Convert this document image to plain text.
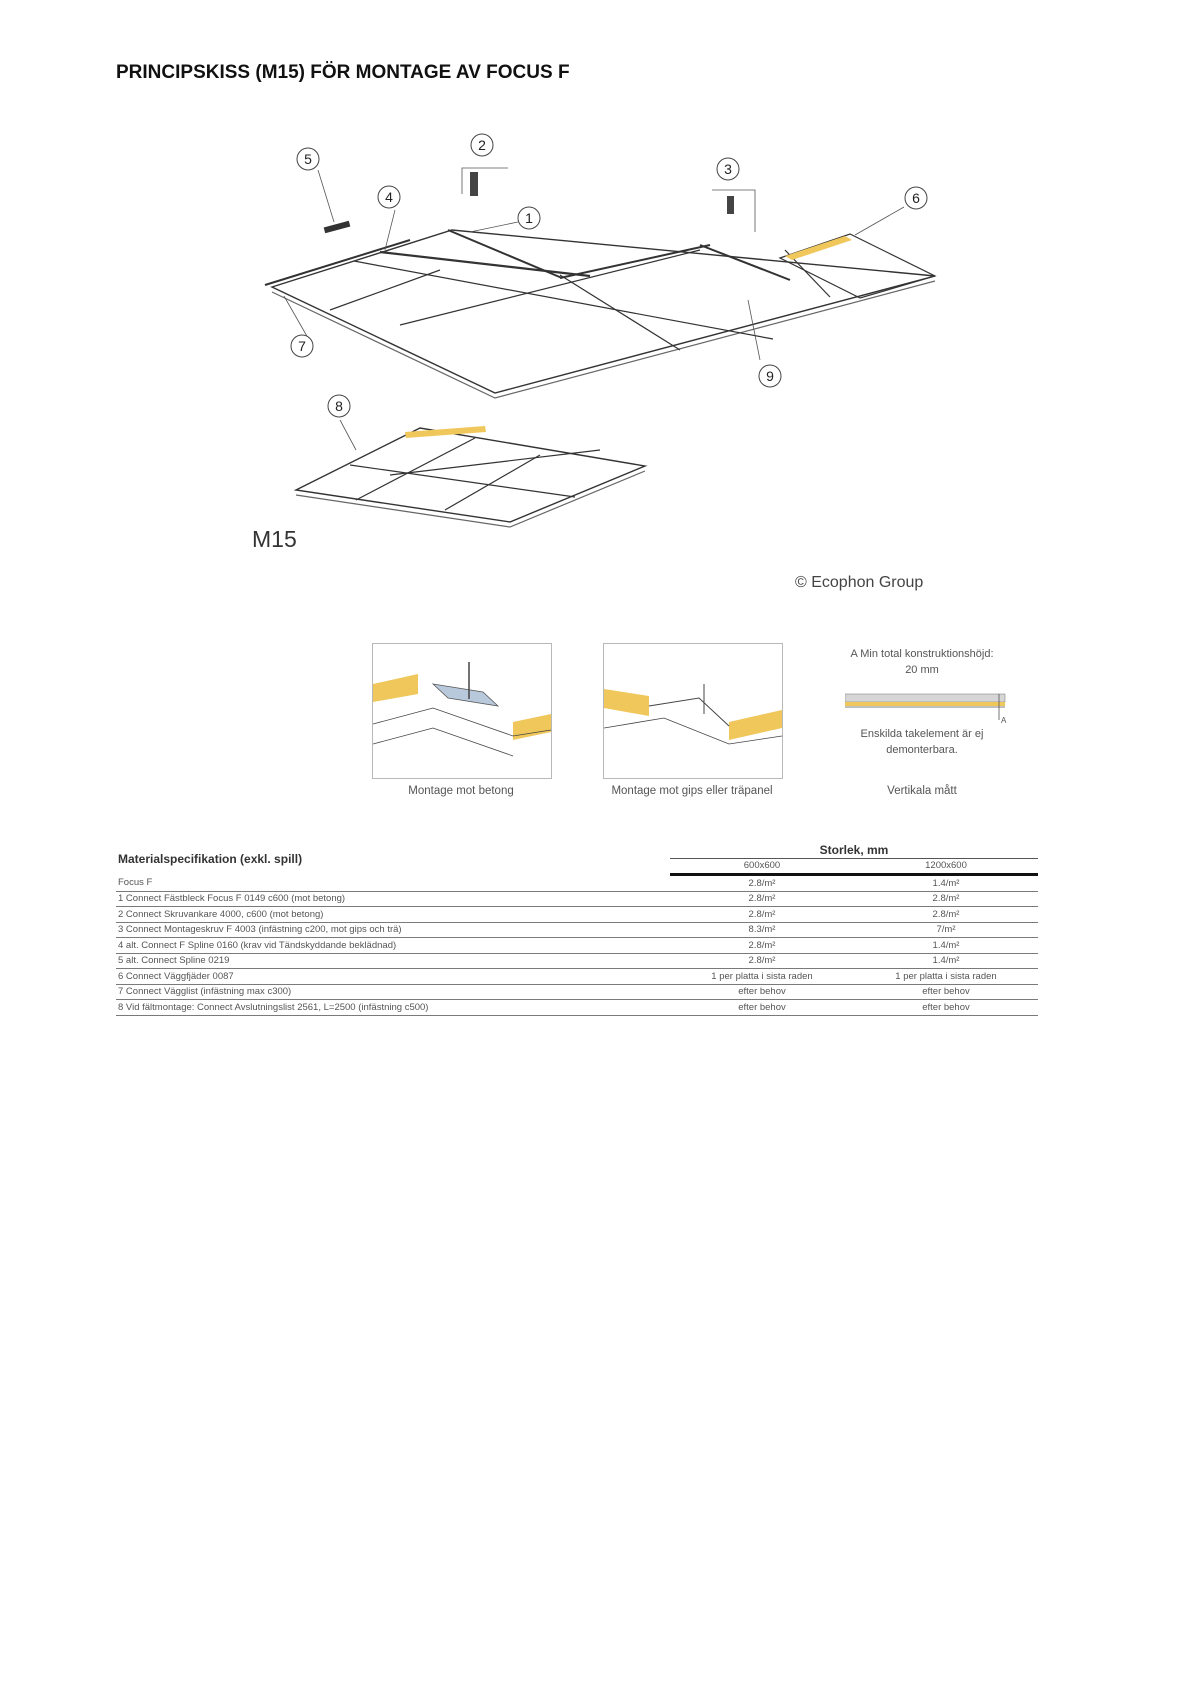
PRINCIPSKISS (M15) FÖR MONTAGE AV FOCUS F
1
2
3
4
5
6
7
8
9
M15
© Ecophon Group
Montage mot betong	Montage mot gips eller träpanel
A Min total konstruktionshöjd:
20 mm
A
Enskilda takelement är ej
demonterbara.
Vertikala mått
Materialspecifikation (exkl. spill)	Storlek, mm	
	600x600	1200x600
Focus F	2.8/m²	1.4/m²
1 Connect Fästbleck Focus F 0149 c600 (mot betong)	2.8/m²	2.8/m²
2 Connect Skruvankare 4000, c600 (mot betong)	2.8/m²	2.8/m²
3 Connect Montageskruv F 4003 (infästning c200, mot gips och trä)	8.3/m²	7/m²
4 alt. Connect F Spline 0160 (krav vid Tändskyddande beklädnad)	2.8/m²	1.4/m²
5 alt. Connect Spline 0219	2.8/m²	1.4/m²
6 Connect Väggfjäder 0087	1 per platta i sista raden	1 per platta i sista raden
7 Connect Vägglist (infästning max c300)	efter behov	efter behov
8 Vid fältmontage: Connect Avslutningslist 2561, L=2500 (infästning c500)	efter behov	efter behov
